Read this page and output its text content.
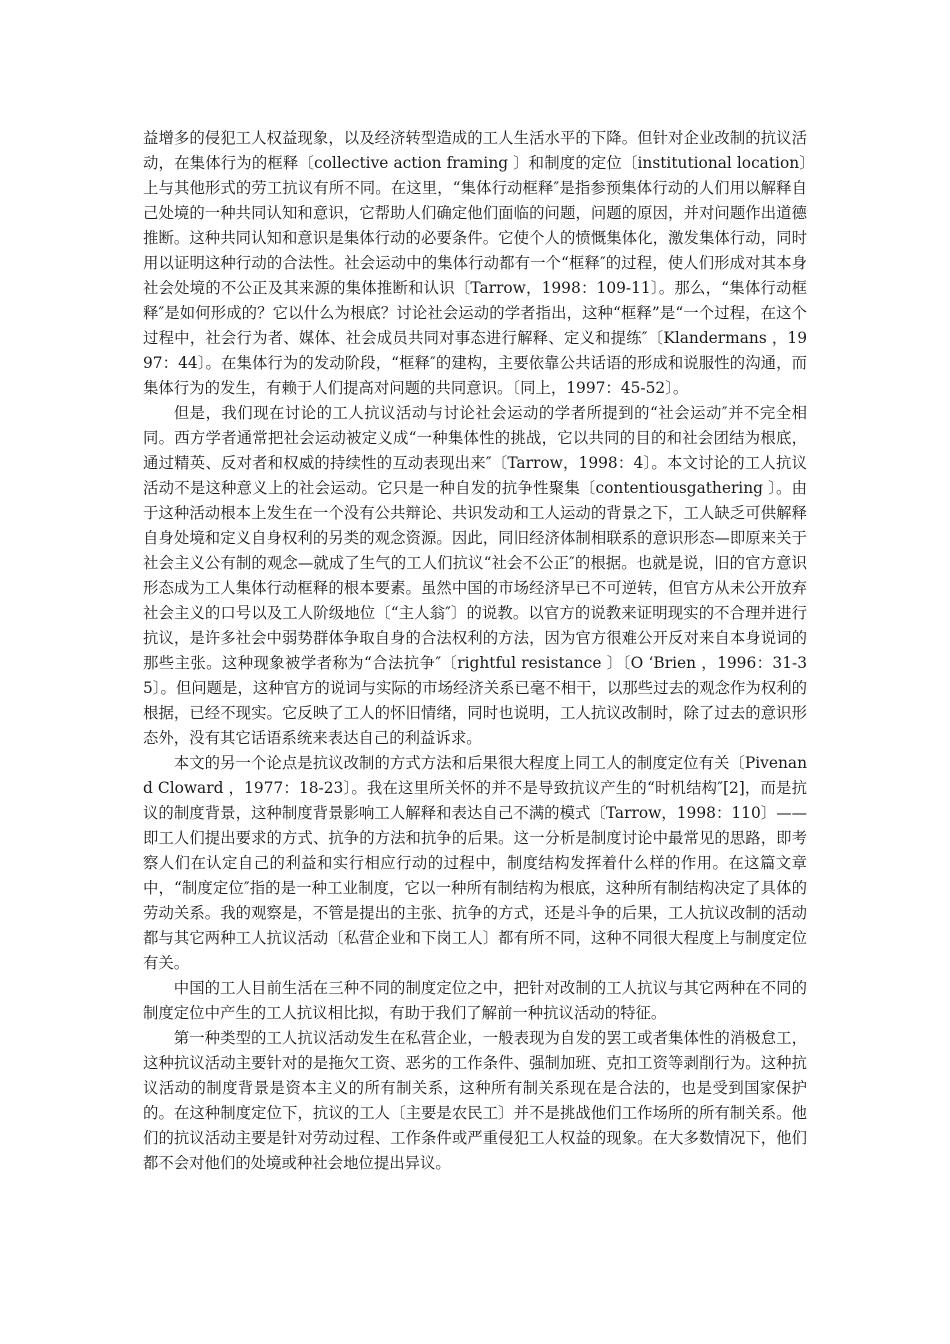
益增多的侵犯工人权益现象，以及经济转型造成的工人生活水平的下降。但针对企业改制的抗议活动，在集体行为的框释〔collective action framing 〕和制度的定位〔institutional location〕上与其他形式的劳工抗议有所不同。在这里，“集体行动框释″是指参预集体行动的人们用以解释自己处境的一种共同认知和意识，它帮助人们确定他们面临的问题，问题的原因，并对问题作出道德推断。这种共同认知和意识是集体行动的必要条件。它使个人的愤慨集体化，激发集体行动，同时用以证明这种行动的合法性。社会运动中的集体行动都有一个“框释″的过程，使人们形成对其本身社会处境的不公正及其来源的集体推断和认识〔Tarrow，1998：109-11〕。那么，“集体行动框释″是如何形成的？它以什么为根底？讨论社会运动的学者指出，这种“框释”是“一个过程，在这个过程中，社会行为者、媒体、社会成员共同对事态进行解释、定义和提练″〔Klandermans ，1997：44〕。在集体行为的发动阶段，“框释″的建构，主要依靠公共话语的形成和说服性的沟通，而集体行为的发生，有赖于人们提高对问题的共同意识。〔同上，1997：45-52〕。

但是，我们现在讨论的工人抗议活动与讨论社会运动的学者所提到的“社会运动″并不完全相同。西方学者通常把社会运动被定义成“一种集体性的挑战，它以共同的目的和社会团结为根底，通过精英、反对者和权威的持续性的互动表现出来″〔Tarrow，1998：4〕。本文讨论的工人抗议活动不是这种意义上的社会运动。它只是一种自发的抗争性聚集〔contentiousgathering 〕。由于这种活动根本上发生在一个没有公共辩论、共识发动和工人运动的背景之下，工人缺乏可供解释自身处境和定义自身权利的另类的观念资源。因此，同旧经济体制相联系的意识形态—即原来关于社会主义公有制的观念—就成了生气的工人们抗议“社会不公正″的根据。也就是说，旧的官方意识形态成为工人集体行动框释的根本要素。虽然中国的市场经济早已不可逆转，但官方从未公开放弃社会主义的口号以及工人阶级地位〔“主人翁″〕的说教。以官方的说教来证明现实的不合理并进行抗议，是许多社会中弱势群体争取自身的合法权利的方法，因为官方很难公开反对来自本身说词的那些主张。这种现象被学者称为“合法抗争″〔rightful resistance 〕〔O ‘Brien ，1996：31-35〕。但问题是，这种官方的说词与实际的市场经济关系已毫不相干，以那些过去的观念作为权利的根据，已经不现实。它反映了工人的怀旧情绪，同时也说明，工人抗议改制时，除了过去的意识形态外，没有其它话语系统来表达自己的利益诉求。

本文的另一个论点是抗议改制的方式方法和后果很大程度上同工人的制度定位有关〔Pivenand Cloward ，1977：18-23〕。我在这里所关怀的并不是导致抗议产生的“时机结构″[2]，而是抗议的制度背景，这种制度背景影响工人解释和表达自己不满的模式〔Tarrow，1998：110〕——即工人们提出要求的方式、抗争的方法和抗争的后果。这一分析是制度讨论中最常见的思路，即考察人们在认定自己的利益和实行相应行动的过程中，制度结构发挥着什么样的作用。在这篇文章中，“制度定位″指的是一种工业制度，它以一种所有制结构为根底，这种所有制结构决定了具体的劳动关系。我的观察是，不管是提出的主张、抗争的方式，还是斗争的后果，工人抗议改制的活动都与其它两种工人抗议活动〔私营企业和下岗工人〕都有所不同，这种不同很大程度上与制度定位有关。

中国的工人目前生活在三种不同的制度定位之中，把针对改制的工人抗议与其它两种在不同的制度定位中产生的工人抗议相比拟，有助于我们了解前一种抗议活动的特征。

第一种类型的工人抗议活动发生在私营企业，一般表现为自发的罢工或者集体性的消极怠工，这种抗议活动主要针对的是拖欠工资、恶劣的工作条件、强制加班、克扣工资等剥削行为。这种抗议活动的制度背景是资本主义的所有制关系，这种所有制关系现在是合法的，也是受到国家保护的。在这种制度定位下，抗议的工人〔主要是农民工〕并不是挑战他们工作场所的所有制关系。他们的抗议活动主要是针对劳动过程、工作条件或严重侵犯工人权益的现象。在大多数情况下，他们都不会对他们的处境或种社会地位提出异议。
